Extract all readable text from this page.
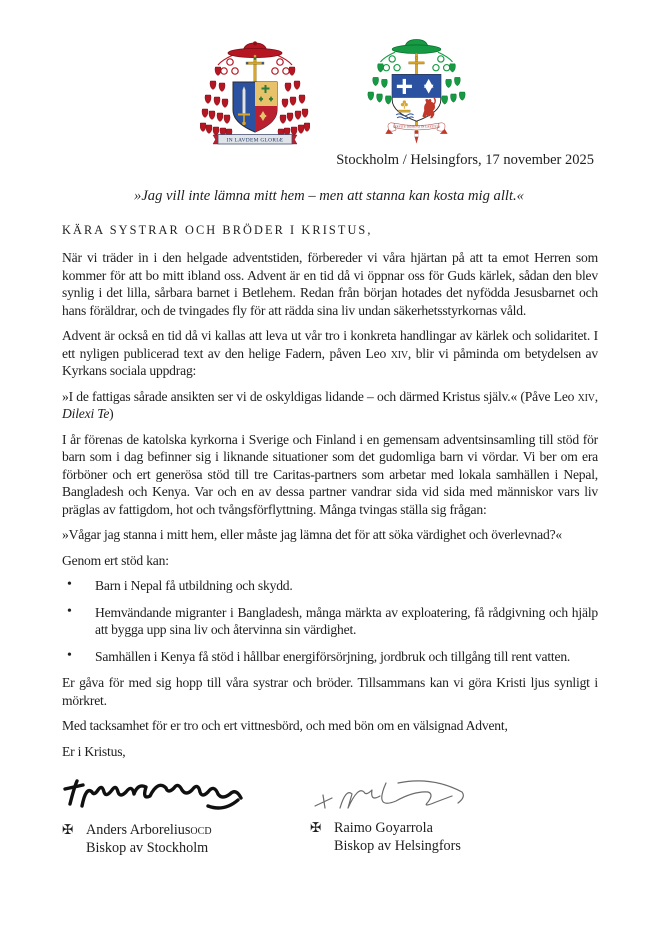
IN LAVDEM GLORIÆ
SERVITE DOMINO IN LAETITIA
Stockholm / Helsingfors, 17 november 2025
»Jag vill inte lämna mitt hem – men att stanna kan kosta mig allt.«
KÄRA SYSTRAR OCH BRÖDER I KRISTUS,

När vi träder in i den helgade adventstiden, förbereder vi våra hjärtan på att ta emot Herren som kommer för att bo mitt ibland oss. Advent är en tid då vi öppnar oss för Guds kärlek, sådan den blev synlig i det lilla, sårbara barnet i Betlehem. Redan från början hotades det nyfödda Jesusbarnet och hans föräldrar, och de tvingades fly för att rädda sina liv undan säkerhetsstyrkornas våld.

Advent är också en tid då vi kallas att leva ut vår tro i konkreta handlingar av kärlek och solidaritet. I ett nyligen publicerad text av den helige Fadern, påven Leo xiv, blir vi påminda om betydelsen av Kyrkans sociala uppdrag:

»I de fattigas sårade ansikten ser vi de oskyldigas lidande – och därmed Kristus själv.« (Påve Leo xiv, Dilexi Te)

I år förenas de katolska kyrkorna i Sverige och Finland i en gemensam adventsinsamling till stöd för barn som i dag befinner sig i liknande situationer som det gudomliga barn vi vördar. Vi ber om era förböner och ert generösa stöd till tre Caritas-partners som arbetar med lokala samhällen i Nepal, Bangladesh och Kenya. Var och en av dessa partner vandrar sida vid sida med människor vars liv präglas av fattigdom, hot och tvångsförflyttning. Många tvingas ställa sig frågan:

»Vågar jag stanna i mitt hem, eller måste jag lämna det för att söka värdighet och överlevnad?«

Genom ert stöd kan:

• Barn i Nepal få utbildning och skydd.
• Hemvändande migranter i Bangladesh, många märkta av exploatering, få rådgivning och hjälp att bygga upp sina liv och återvinna sin värdighet.
• Samhällen i Kenya få stöd i hållbar energiförsörjning, jordbruk och tillgång till rent vatten.

Er gåva för med sig hopp till våra systrar och bröder. Tillsammans kan vi göra Kristi ljus synligt i mörkret.

Med tacksamhet för er tro och ert vittnesbörd, och med bön om en välsignad Advent,

Er i Kristus,

✠ Anders Arborelius ocd
Biskop av Stockholm
✠ Raimo Goyarrola
Biskop av Helsingfors
